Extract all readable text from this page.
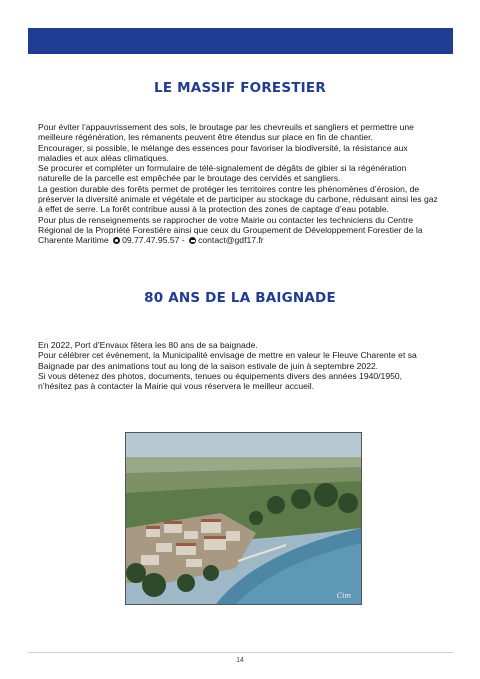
LE MASSIF FORESTIER

Pour éviter l’appauvrissement des sols, le broutage par les chevreuils et sangliers et permettre une

meilleure régénération, les rémanents peuvent être étendus sur place en fin de chantier.

Encourager, si possible, le mélange des essences pour favoriser la biodiversité, la résistance aux

maladies et aux aléas climatiques.

Se procurer et compléter un formulaire de télé-signalement de dégâts de gibier si la régénération

naturelle de la parcelle est empêchée par le broutage des cervidés et sangliers.

La gestion durable des forêts permet de protéger les territoires contre les phénomènes d’érosion, de

préserver la diversité animale et végétale et de participer au stockage du carbone, réduisant ainsi les gaz

à effet de serre. La forêt contribue aussi à la protection des zones de captage d’eau potable.

Pour plus de renseignements se rapprocher de votre Mairie ou contacter les techniciens du Centre

Régional de la Propriété Forestière ainsi que ceux du Groupement de Développement Forestier de la

Charente Maritime 09.77.47.95.57 - contact@gdf17.fr

80 ANS DE LA BAIGNADE

En 2022, Port d’Envaux fêtera les 80 ans de sa baignade.

Pour célébrer cet évènement, la Municipalité envisage de mettre en valeur le Fleuve Charente et sa

Baignade par des animations tout au long de la saison estivale de juin à septembre 2022.

Si vous détenez des photos, documents, tenues ou équipements divers des années 1940/1950,

n’hésitez pas à contacter la Mairie qui vous réservera le meilleur accueil.

Cim
14
